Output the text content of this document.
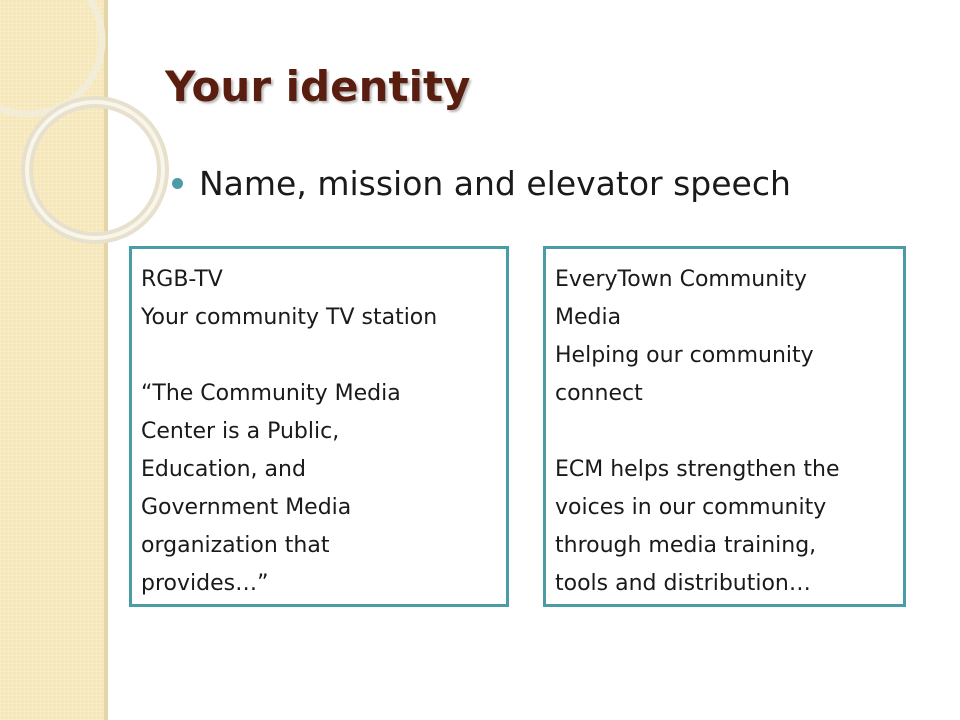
Your identity
Name, mission and elevator speech
RGB-TV
Your community TV station
“The Community Media
Center is a Public,
Education, and
Government Media
organization that
provides…”
EveryTown Community
Media
Helping our community
connect
ECM helps strengthen the
voices in our community
through media training,
tools and distribution…
